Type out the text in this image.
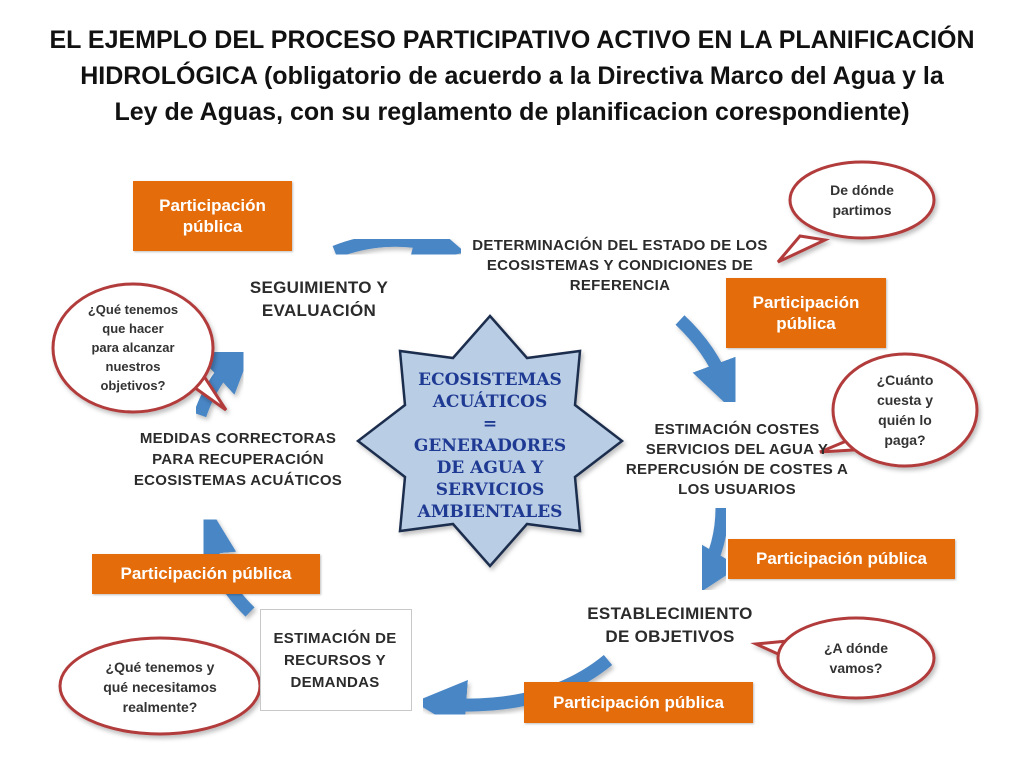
EL EJEMPLO DEL PROCESO PARTICIPATIVO ACTIVO EN LA PLANIFICACIÓN
HIDROLÓGICA (obligatorio de acuerdo a la Directiva Marco del Agua y la
Ley de Aguas, con su reglamento de planificacion corespondiente)
DETERMINACIÓN DEL ESTADO DE LOS
ECOSISTEMAS Y CONDICIONES DE
REFERENCIA
ESTIMACIÓN COSTES
SERVICIOS DEL AGUA Y
REPERCUSIÓN DE COSTES A
LOS USUARIOS
ESTABLECIMIENTO
DE OBJETIVOS
ESTIMACIÓN DE
RECURSOS Y
DEMANDAS
MEDIDAS CORRECTORAS
PARA RECUPERACIÓN
ECOSISTEMAS ACUÁTICOS
SEGUIMIENTO Y
EVALUACIÓN
Participación
pública
Participación
pública
Participación pública
Participación pública
Participación pública
ECOSISTEMAS
ACUÁTICOS
=
GENERADORES
DE AGUA Y
SERVICIOS
AMBIENTALES
De dónde
partimos
¿Cuánto
cuesta y
quién lo
paga?
¿A dónde
vamos?
¿Qué tenemos y
qué necesitamos
realmente?
¿Qué tenemos
que hacer
para alcanzar
nuestros
objetivos?
